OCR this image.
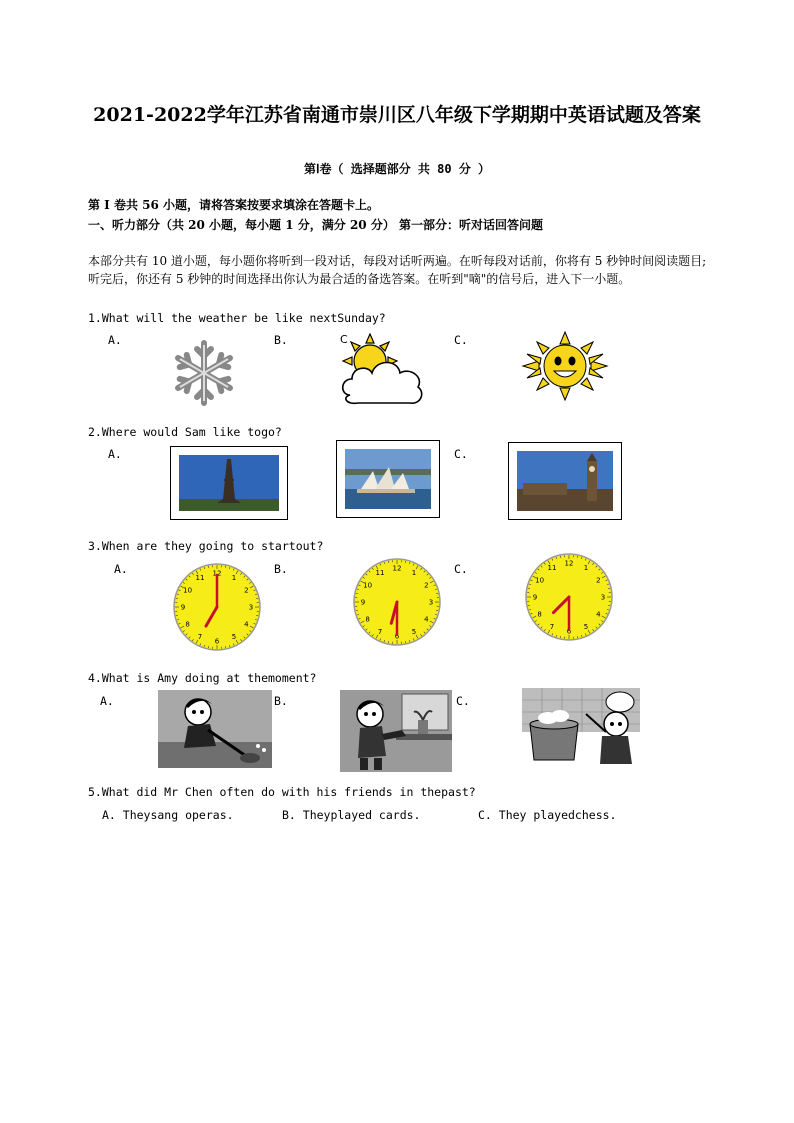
2021-2022学年江苏省南通市崇川区八年级下学期期中英语试题及答案
第Ⅰ卷（ 选择题部分 共 80 分 ）
第 I 卷共 56 小题，请将答案按要求填涂在答题卡上。
一、听力部分（共 20 小题，每小题 1 分，满分 20 分） 第一部分：听对话回答问题
本部分共有 10 道小题，每小题你将听到一段对话，每段对话听两遍。在听每段对话前，你将有 5 秒钟时间阅读题目;听完后，你还有 5 秒钟的时间选择出你认为最合适的备选答案。在听到"嘀"的信号后，进入下一小题。
1.What will the weather be like nextSunday?
A.	B.	C.
C
2.Where would Sam like togo?
A.	C.
3.When are they going to startout?
A.	B.	C.
1
2
3
4
5
6
7
8
9
10
11
12	1
2
3
4
5
6
7
8
9
10
11
12	1
2
3
4
5
6
7
8
9
10
11
12
4.What is Amy doing at themoment?
A.	B.	C.
5.What did Mr Chen often do with his friends in thepast?
A. Theysang operas.	B. Theyplayed cards.	C. They playedchess.
